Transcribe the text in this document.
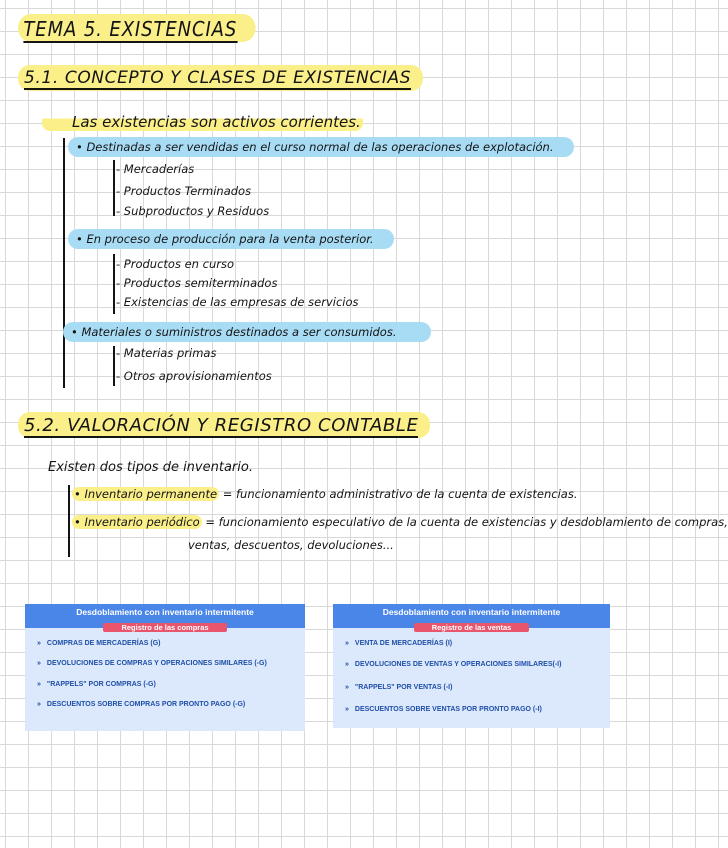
TEMA 5. EXISTENCIAS
5.1. CONCEPTO Y CLASES DE EXISTENCIAS
Las existencias son activos corrientes.
• Destinadas a ser vendidas en el curso normal de las operaciones de explotación.
- Mercaderías
- Productos Terminados
- Subproductos y Residuos
• En proceso de producción para la venta posterior.
- Productos en curso
- Productos semiterminados
- Existencias de las empresas de servicios
• Materiales o suministros destinados a ser consumidos.
- Materias primas
- Otros aprovisionamientos
5.2. VALORACIÓN Y REGISTRO CONTABLE
Existen dos tipos de inventario.
• Inventario permanente = funcionamiento administrativo de la cuenta de existencias.
• Inventario periódico = funcionamiento especulativo de la cuenta de existencias y desdoblamiento de compras,
ventas, descuentos, devoluciones...
Desdoblamiento con inventario intermitente
Registro de las compras
» COMPRAS DE MERCADERÍAS (G)
» DEVOLUCIONES DE COMPRAS Y OPERACIONES SIMILARES (-G)
» "RAPPELS" POR COMPRAS (-G)
» DESCUENTOS SOBRE COMPRAS POR PRONTO PAGO (-G)
Desdoblamiento con inventario intermitente
Registro de las ventas
» VENTA DE MERCADERÍAS (I)
» DEVOLUCIONES DE VENTAS Y OPERACIONES SIMILARES(-I)
» "RAPPELS" POR VENTAS (-I)
» DESCUENTOS SOBRE VENTAS POR PRONTO PAGO (-I)
